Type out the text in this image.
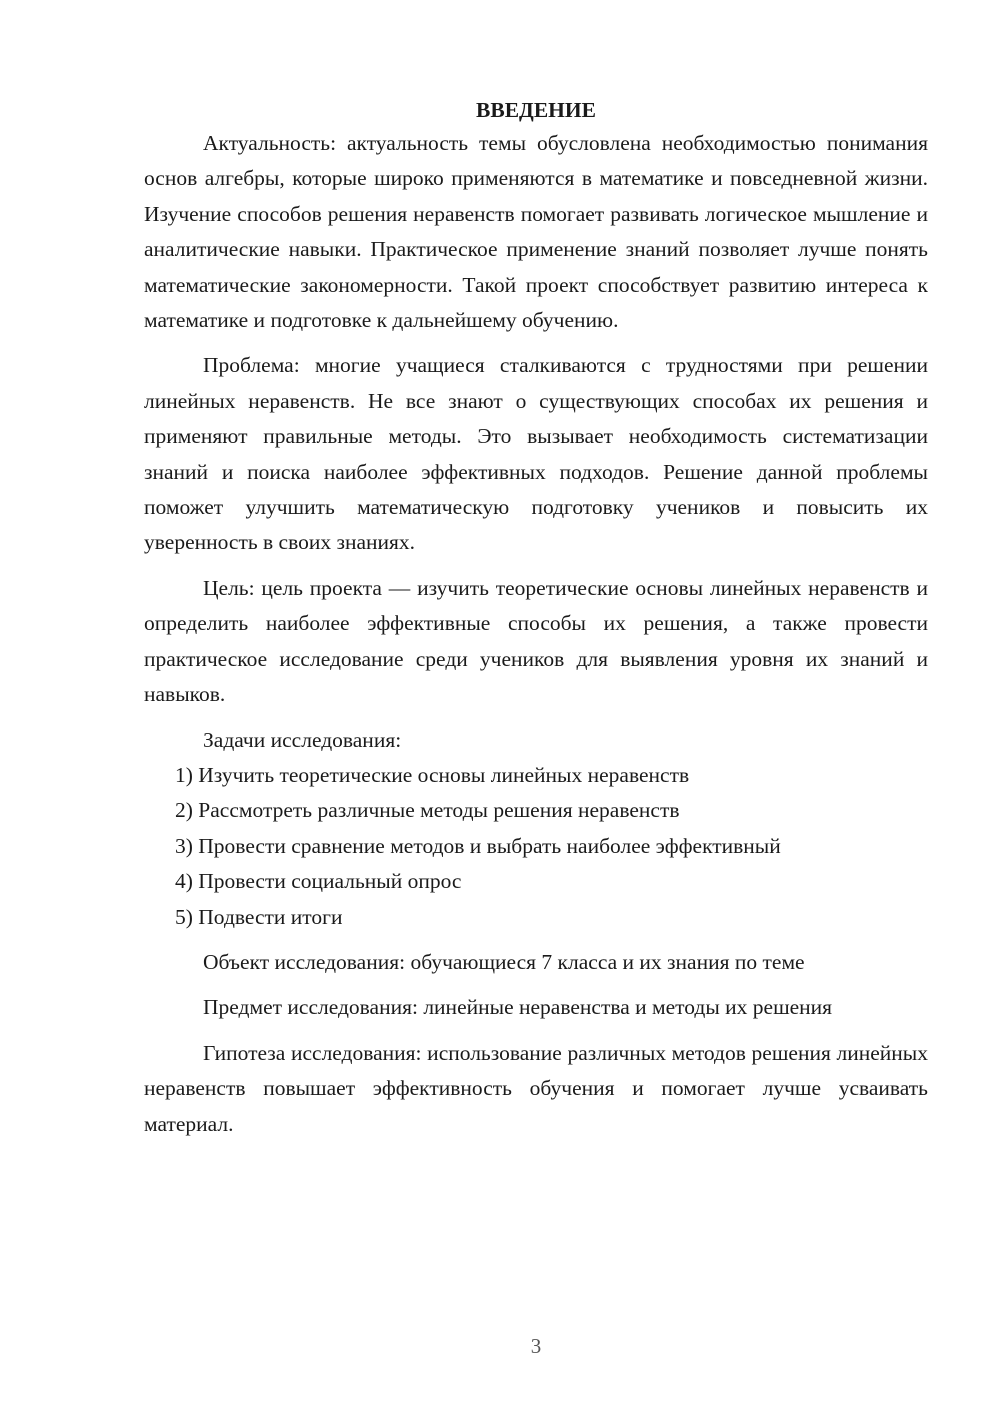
ВВЕДЕНИЕ

Актуальность: актуальность темы обусловлена необходимостью понимания основ алгебры, которые широко применяются в математике и повседневной жизни. Изучение способов решения неравенств помогает развивать логическое мышление и аналитические навыки. Практическое применение знаний позволяет лучше понять математические закономерности. Такой проект способствует развитию интереса к математике и подготовке к дальнейшему обучению.

Проблема: многие учащиеся сталкиваются с трудностями при решении линейных неравенств. Не все знают о существующих способах их решения и применяют правильные методы. Это вызывает необходимость систематизации знаний и поиска наиболее эффективных подходов. Решение данной проблемы поможет улучшить математическую подготовку учеников и повысить их уверенность в своих знаниях.

Цель: цель проекта — изучить теоретические основы линейных неравенств и определить наиболее эффективные способы их решения, а также провести практическое исследование среди учеников для выявления уровня их знаний и навыков.

Задачи исследования:

1) Изучить теоретические основы линейных неравенств
2) Рассмотреть различные методы решения неравенств
3) Провести сравнение методов и выбрать наиболее эффективный
4) Провести социальный опрос
5) Подвести итоги

Объект исследования: обучающиеся 7 класса и их знания по теме

Предмет исследования: линейные неравенства и методы их решения

Гипотеза исследования: использование различных методов решения линейных неравенств повышает эффективность обучения и помогает лучше усваивать материал.

3
